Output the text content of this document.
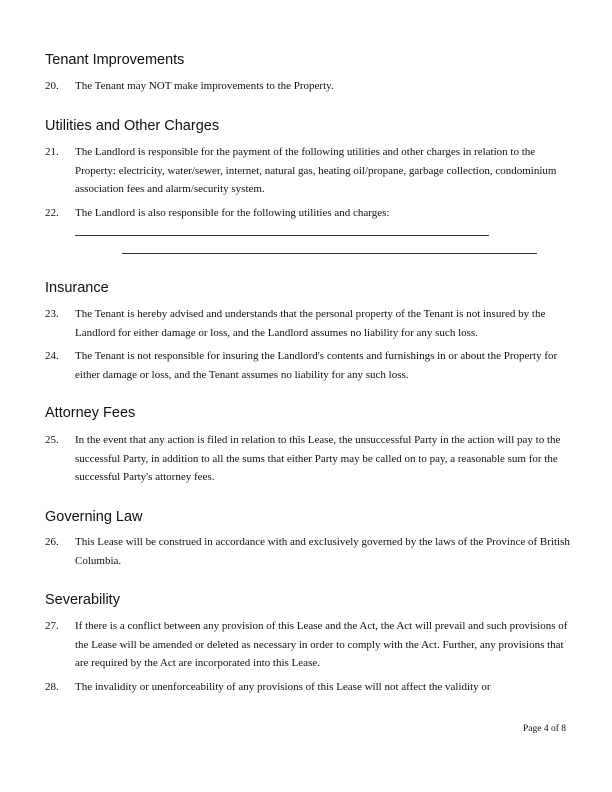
Tenant Improvements
20. The Tenant may NOT make improvements to the Property.
Utilities and Other Charges
21. The Landlord is responsible for the payment of the following utilities and other charges in relation to the Property: electricity, water/sewer, internet, natural gas, heating oil/propane, garbage collection, condominium association fees and alarm/security system.
22. The Landlord is also responsible for the following utilities and charges:
Insurance
23. The Tenant is hereby advised and understands that the personal property of the Tenant is not insured by the Landlord for either damage or loss, and the Landlord assumes no liability for any such loss.
24. The Tenant is not responsible for insuring the Landlord's contents and furnishings in or about the Property for either damage or loss, and the Tenant assumes no liability for any such loss.
Attorney Fees
25. In the event that any action is filed in relation to this Lease, the unsuccessful Party in the action will pay to the successful Party, in addition to all the sums that either Party may be called on to pay, a reasonable sum for the successful Party's attorney fees.
Governing Law
26. This Lease will be construed in accordance with and exclusively governed by the laws of the Province of British Columbia.
Severability
27. If there is a conflict between any provision of this Lease and the Act, the Act will prevail and such provisions of the Lease will be amended or deleted as necessary in order to comply with the Act. Further, any provisions that are required by the Act are incorporated into this Lease.
28. The invalidity or unenforceability of any provisions of this Lease will not affect the validity or
Page 4 of 8
